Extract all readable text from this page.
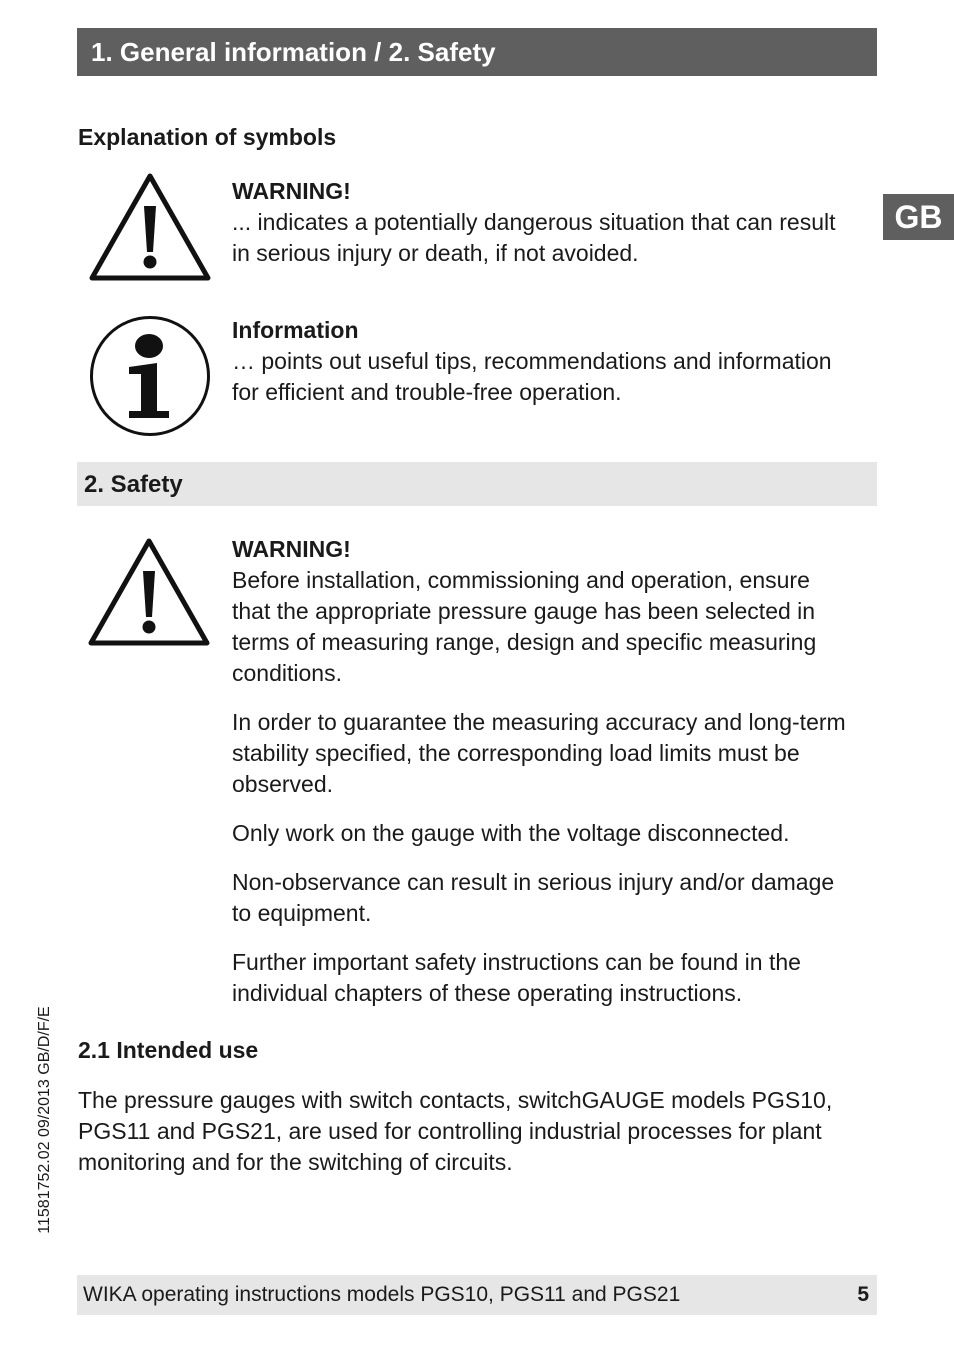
1. General information / 2. Safety
GB
Explanation of symbols
WARNING!
... indicates a potentially dangerous situation that can result
in serious injury or death, if not avoided.
Information
… points out useful tips, recommendations and information
for efficient and trouble-free operation.
2. Safety
WARNING!
Before installation, commissioning and operation, ensure
that the appropriate pressure gauge has been selected in
terms of measuring range, design and specific measuring
conditions.
In order to guarantee the measuring accuracy and long-term
stability specified, the corresponding load limits must be
observed.
Only work on the gauge with the voltage disconnected.
Non-observance can result in serious injury and/or damage
to equipment.
Further important safety instructions can be found in the
individual chapters of these operating instructions.
2.1 Intended use
The pressure gauges with switch contacts, switchGAUGE models PGS10,
PGS11 and PGS21, are used for controlling industrial processes for plant
monitoring and for the switching of circuits.
11581752.02 09/2013 GB/D/F/E
WIKA operating instructions models PGS10, PGS11 and PGS21	5
